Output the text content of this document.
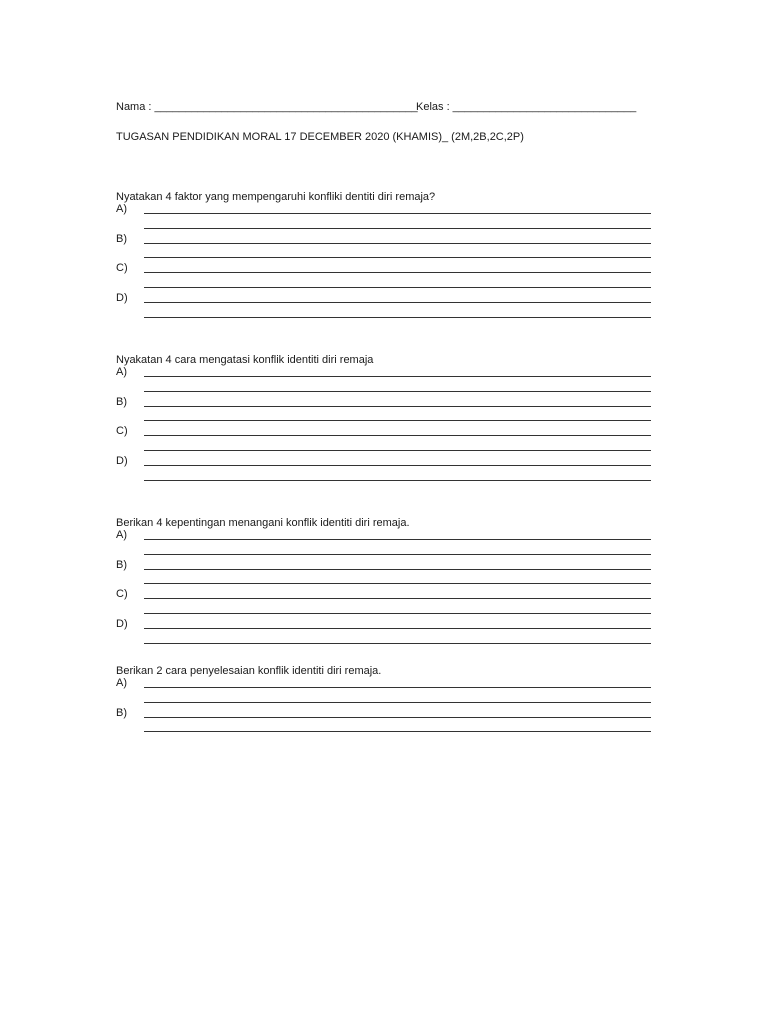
Nama : ___________________________________________
Kelas : ______________________________
TUGASAN PENDIDIKAN MORAL 17 DECEMBER 2020 (KHAMIS)_ (2M,2B,2C,2P)
Nyatakan 4 faktor yang mempengaruhi konfliki dentiti diri remaja?
A)
B)
C)
D)
Nyakatan 4 cara mengatasi konflik identiti diri remaja
A)
B)
C)
D)
Berikan 4 kepentingan menangani konflik identiti diri remaja.
A)
B)
C)
D)
Berikan 2 cara penyelesaian konflik identiti diri remaja.
A)
B)
